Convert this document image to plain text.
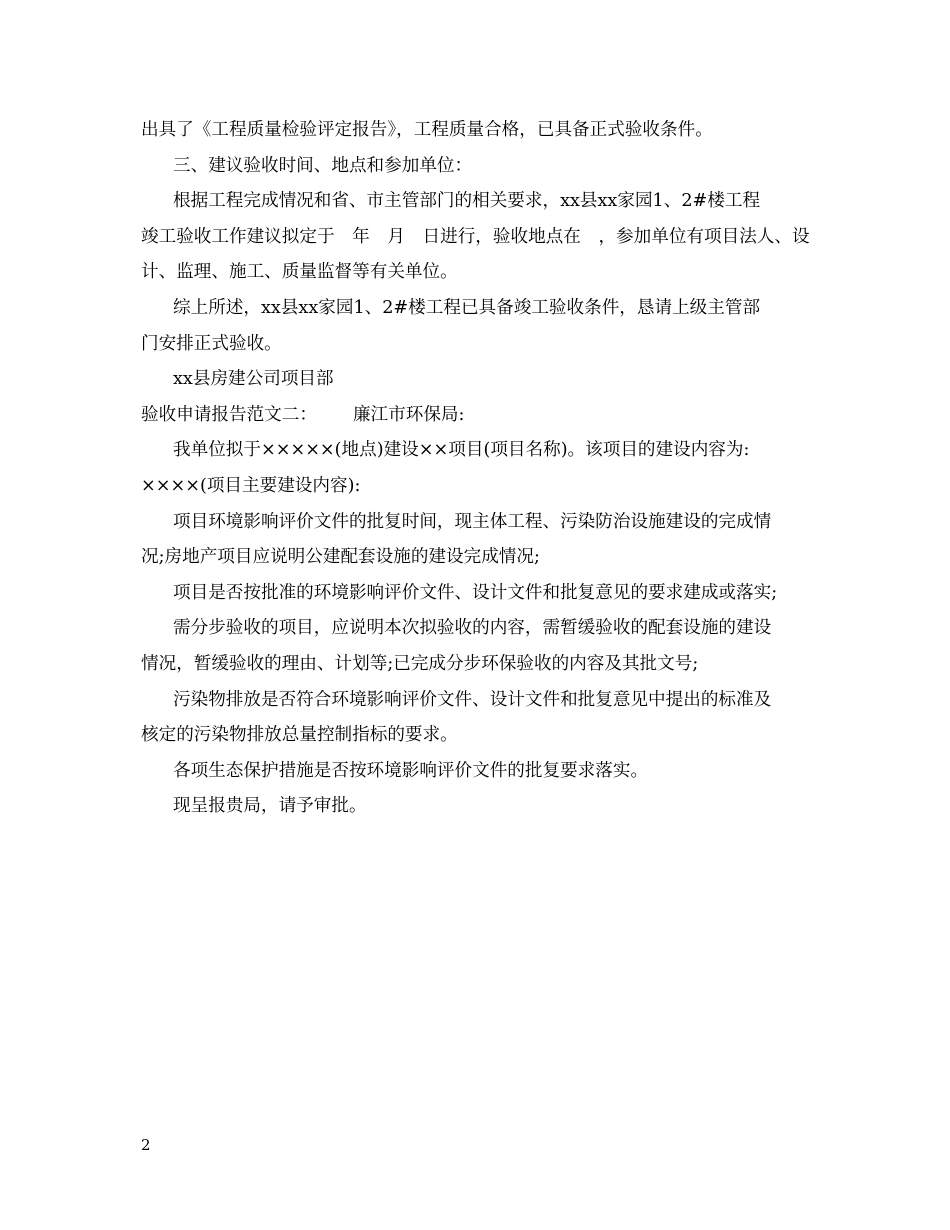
出具了《工程质量检验评定报告》，工程质量合格，已具备正式验收条件。
三、建议验收时间、地点和参加单位：
根据工程完成情况和省、市主管部门的相关要求，xx县xx家园1、2#楼工程
竣工验收工作建议拟定于　年　月　日进行，验收地点在　，参加单位有项目法人、设
计、监理、施工、质量监督等有关单位。
综上所述，xx县xx家园1、2#楼工程已具备竣工验收条件，恳请上级主管部
门安排正式验收。
xx县房建公司项目部
验收申请报告范文二： 廉江市环保局:
我单位拟于×××××(地点)建设××项目(项目名称)。该项目的建设内容为:
××××(项目主要建设内容):
项目环境影响评价文件的批复时间，现主体工程、污染防治设施建设的完成情
况;房地产项目应说明公建配套设施的建设完成情况;
项目是否按批准的环境影响评价文件、设计文件和批复意见的要求建成或落实;
需分步验收的项目，应说明本次拟验收的内容，需暂缓验收的配套设施的建设
情况，暂缓验收的理由、计划等;已完成分步环保验收的内容及其批文号;
污染物排放是否符合环境影响评价文件、设计文件和批复意见中提出的标准及
核定的污染物排放总量控制指标的要求。
各项生态保护措施是否按环境影响评价文件的批复要求落实。
现呈报贵局，请予审批。
2
